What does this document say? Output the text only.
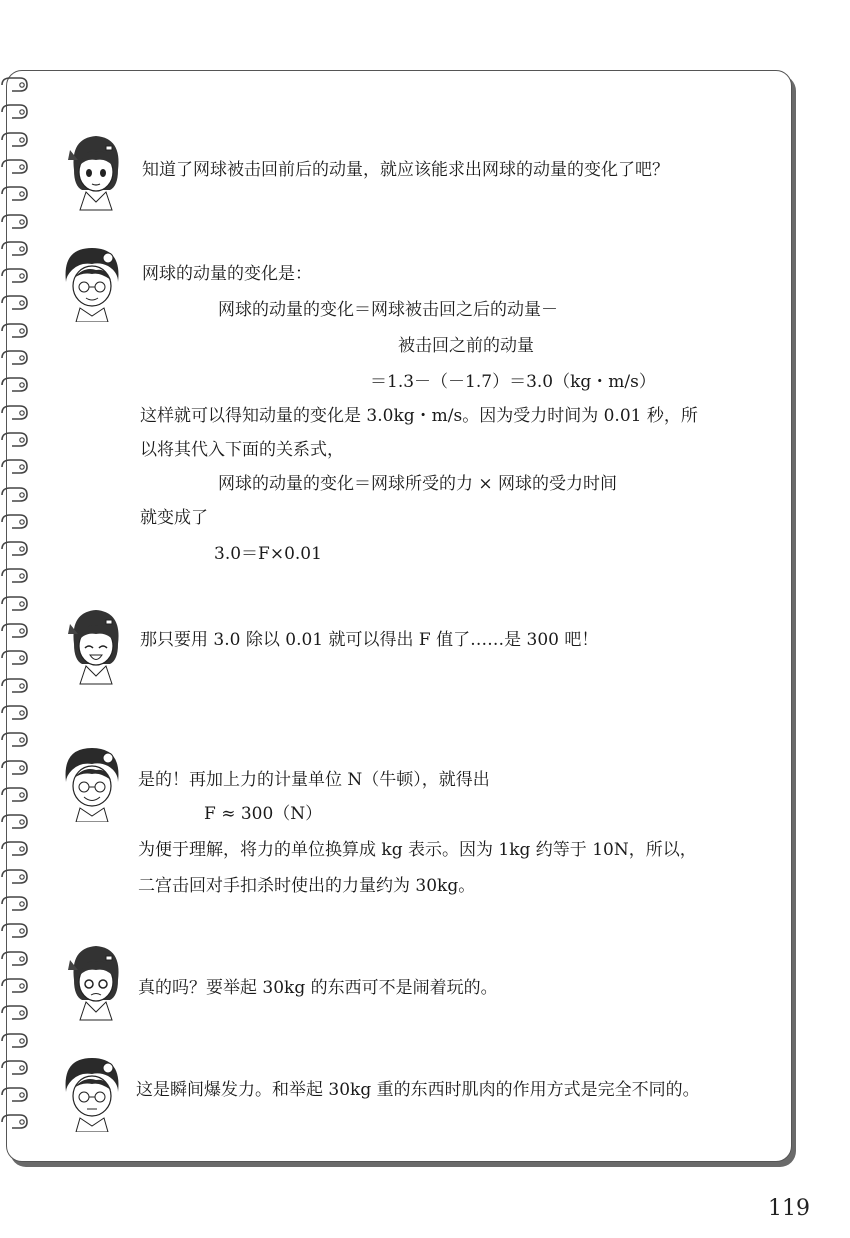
知道了网球被击回前后的动量，就应该能求出网球的动量的变化了吧？
网球的动量的变化是：
网球的动量的变化＝网球被击回之后的动量－
被击回之前的动量
＝1.3－（－1.7）＝3.0（kg・m/s）
这样就可以得知动量的变化是 3.0kg・m/s。因为受力时间为 0.01 秒，所
以将其代入下面的关系式，
网球的动量的变化＝网球所受的力 × 网球的受力时间
就变成了
3.0＝F×0.01
那只要用 3.0 除以 0.01 就可以得出 F 值了……是 300 吧！
是的！再加上力的计量单位 N（牛顿），就得出
F ≈ 300（N）
为便于理解，将力的单位换算成 kg 表示。因为 1kg 约等于 10N，所以，
二宫击回对手扣杀时使出的力量约为 30kg。
真的吗？要举起 30kg 的东西可不是闹着玩的。
这是瞬间爆发力。和举起 30kg 重的东西时肌肉的作用方式是完全不同的。
119
